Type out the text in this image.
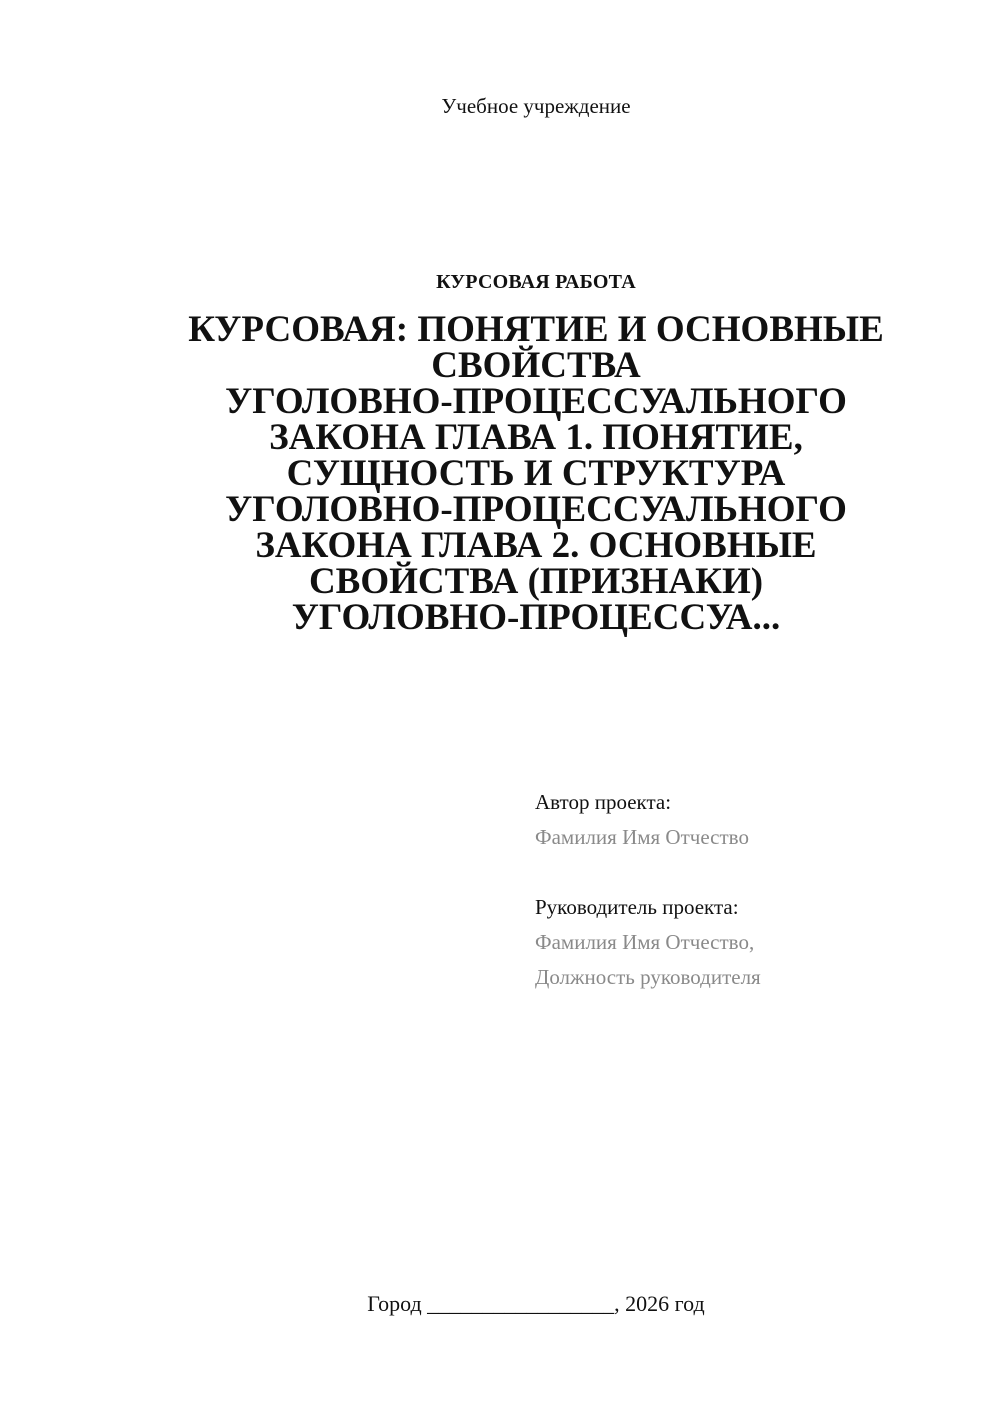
Учебное учреждение
КУРСОВАЯ РАБОТА
КУРСОВАЯ: ПОНЯТИЕ И ОСНОВНЫЕ
СВОЙСТВА
УГОЛОВНО-ПРОЦЕССУАЛЬНОГО
ЗАКОНА ГЛАВА 1. ПОНЯТИЕ,
СУЩНОСТЬ И СТРУКТУРА
УГОЛОВНО-ПРОЦЕССУАЛЬНОГО
ЗАКОНА ГЛАВА 2. ОСНОВНЫЕ
СВОЙСТВА (ПРИЗНАКИ)
УГОЛОВНО-ПРОЦЕССУА...
Автор проекта:
Фамилия Имя Отчество
Руководитель проекта:
Фамилия Имя Отчество,
Должность руководителя
Город _________________, 2026 год
